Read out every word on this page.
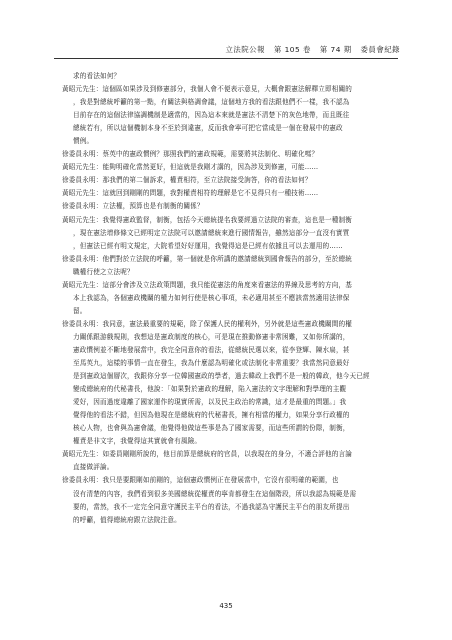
立法院公報 第 105 卷 第 74 期 委員會紀錄
求的看法如何？
黃昭元先生：這個區如果涉及到修憲部分，我個人會不便表示意見，大概會跟憲法解釋立即相關的
，我是對總統呼籲的第一點，有關法與格調會議，這個地方我的看法跟他們不一樣，我不認為
目前存在的這個法律協調機制是適當的，因為這本來就是憲法不清楚下的灰色地帶，而且既往
總統若有，所以這個機制本身不至於到違憲，反而我會寧可把它當成是一個在發展中的憲政
慣例。
徐委員永明：蔡英中的憲政慣例？那照我們的憲政規範，需要將其法制化、明確化嗎？
黃昭元先生：能夠明確化當然更好，但這就是我剛才講的，因為涉及到修憲，可能……
徐委員永明：那我們的第二個訴求，權責相符，至立法院接受詢答，你的看法如何？
黃昭元先生：這就回到剛剛的問題，我對權責相符的理解是它不見得只有一種技術……
徐委員永明：立法權，預算也是有制衡的關係？
黃昭元先生：我覺得憲政監督，制衡，包括今天總統提名我要經過立法院的審查，這也是一種制衡
，現在憲法增修條文已經明定立法院可以邀請總統來進行國情報告，雖然這部分一直沒有實質
，但憲法已經有明文規定，大院希望好好運用，我覺得這是已經有依據且可以去運用的……
徐委員永明：他們對於立法院的呼籲，第一個就是你所講的邀請總統到國會報告的部分，至於總統
職權行使之立法呢？
黃昭元先生：這部分會涉及立法政策問題，我只能從憲法的角度來看憲法的界線及思考的方向，基
本上我認為，各個憲政機關的權力如何行使是核心事項，未必適用甚至不應該當然適用法律保
留。
徐委員永明：我同意，憲法最重要的規範，除了保護人民的權利外，另外就是這些憲政機關間的權
力關係跟游戲規則，我想這是憲政制度的核心，可是現在推動修憲非常困難，又如你所講的，
憲政慣例並不斷地發展當中，我完全同意你的看法，從總統民選以來，從李登輝、陳水扁，甚
至馬英九，這樣的事情一直在發生，我為什麼認為明確化或法制化非常重要？我當然同意最好
是到憲政這個層次，我跟你分享一位韓國憲政的學者，過去韓政上我們不是一般的韓政，他今天已經
變成總統府的代秘書長，他說：「如果對於憲政的理解，陷入憲法的文字理解和對學理的主觀
愛好，因而過度違離了國家運作的現實所需，以及民主政治的常識，這才是最重的問題。」我
覺得他的看法不錯，但因為他現在是總統府的代秘書長，擁有相當的權力，如果分享行政權的
核心人物，也會與為憲會議，他覺得他做這些事是為了國家需要，而這些所謂的份際，制衡，
權責是非文字，我覺得這其實就會有風險。
黃昭元先生：如委員剛剛所說的，他目前算是總統府的官員，以我現在的身分，不適合評他的言論
直接做評論。
徐委員永明：我只是要跟剛如前剛的，這個憲政慣例正在發展當中，它沒有很明確的範圍，也
沒有清楚的內容，我們看到很多美國總統從權責的寧肯都發生在這個階段，所以我認為規範是需
要的，當然，我不一定完全同意守護民主平台的看法，不過我認為守護民主平台的朋友所提出
的呼籲，值得總統府跟立法院注意。
435
